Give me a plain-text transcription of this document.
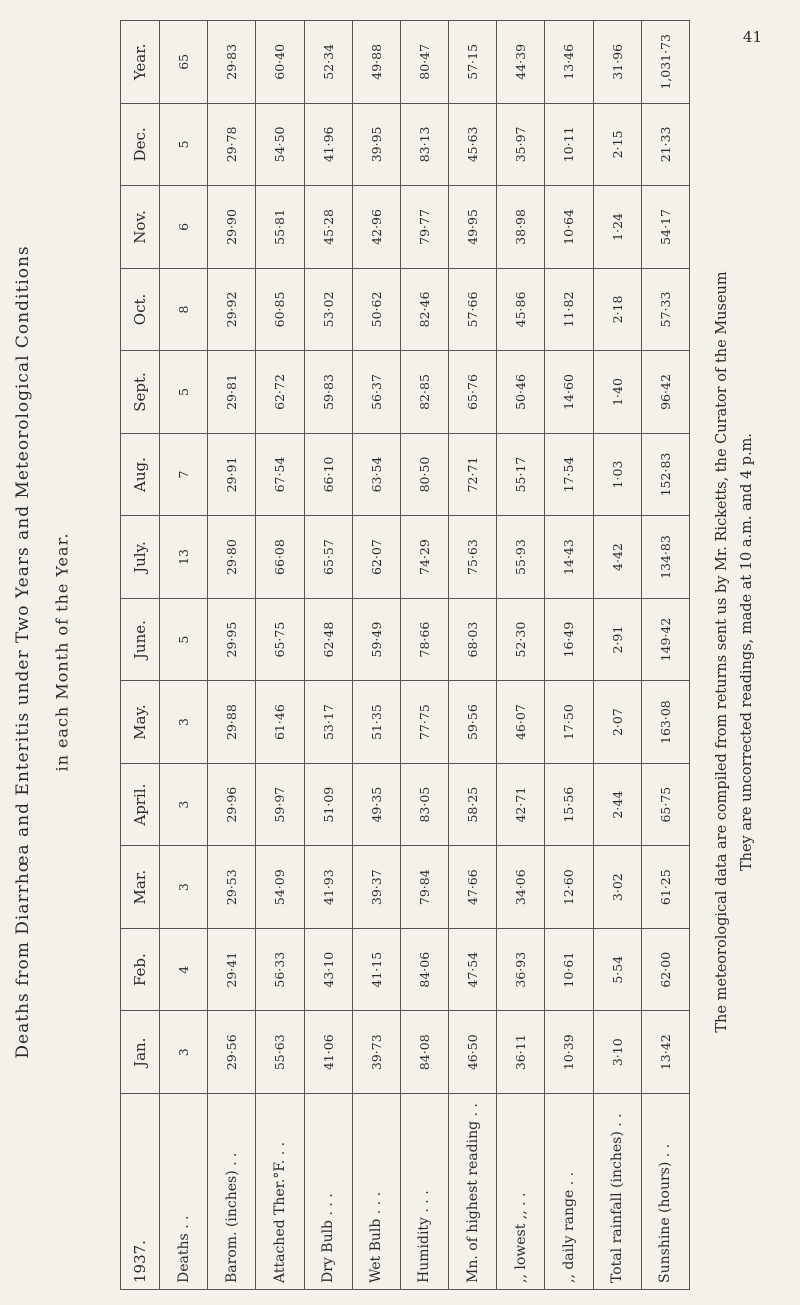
41
Deaths from Diarrhœa and Enteritis under Two Years and Meteorological Conditions in each Month of the Year.
1937.	Jan.	Feb.	Mar.	April.	May.	June.	July.	Aug.	Sept.	Oct.	Nov.	Dec.	Year.
Deaths . .	3	4	3	3	3	5	13	7	5	8	6	5	65
Barom. (inches) . .	29·56	29·41	29·53	29·96	29·88	29·95	29·80	29·91	29·81	29·92	29·90	29·78	29·83
Attached Ther.°F. . .	55·63	56·33	54·09	59·97	61·46	65·75	66·08	67·54	62·72	60·85	55·81	54·50	60·40
Dry Bulb . . .	41·06	43·10	41·93	51·09	53·17	62·48	65·57	66·10	59·83	53·02	45·28	41·96	52·34
Wet Bulb . . .	39·73	41·15	39·37	49·35	51·35	59·49	62·07	63·54	56·37	50·62	42·96	39·95	49·88
Humidity . . .	84·08	84·06	79·84	83·05	77·75	78·66	74·29	80·50	82·85	82·46	79·77	83·13	80·47
Mn. of highest reading . .	46·50	47·54	47·66	58·25	59·56	68·03	75·63	72·71	65·76	57·66	49·95	45·63	57·15
,, lowest ,, . .	36·11	36·93	34·06	42·71	46·07	52·30	55·93	55·17	50·46	45·86	38·98	35·97	44·39
,, daily range . .	10·39	10·61	12·60	15·56	17·50	16·49	14·43	17·54	14·60	11·82	10·64	10·11	13·46
Total rainfall (inches) . .	3·10	5·54	3·02	2·44	2·07	2·91	4·42	1·03	1·40	2·18	1·24	2·15	31·96
Sunshine (hours) . .	13·42	62·00	61·25	65·75	163·08	149·42	134·83	152·83	96·42	57·33	54·17	21·33	1,031·73
The meteorological data are compiled from returns sent us by Mr. Ricketts, the Curator of the Museum They are uncorrected readings, made at 10 a.m. and 4 p.m.
